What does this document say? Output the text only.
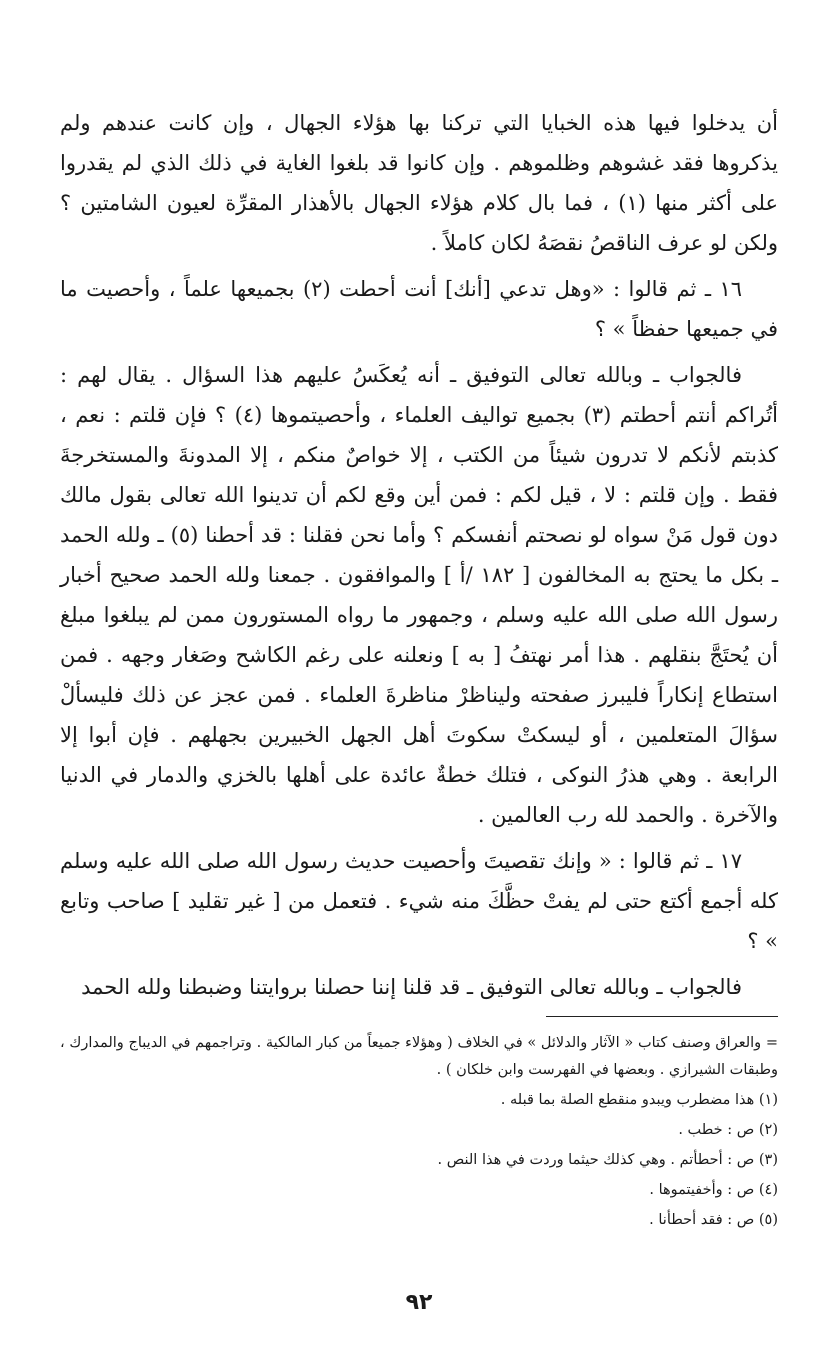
أن يدخلوا فيها هذه الخبايا التي تركنا بها هؤلاء الجهال ، وإن كانت عندهم ولم يذكروها فقد غشوهم وظلموهم . وإن كانوا قد بلغوا الغاية في ذلك الذي لم يقدروا على أكثر منها (١) ، فما بال كلام هؤلاء الجهال بالأهذار المقرِّة لعيون الشامتين ؟ ولكن لو عرف الناقصُ نقصَهُ لكان كاملاً .

١٦ ـ ثم قالوا : «وهل تدعي [أنك] أنت أحطت (٢) بجميعها علماً ، وأحصيت ما في جميعها حفظاً » ؟

فالجواب ـ وبالله تعالى التوفيق ـ أنه يُعكَسُ عليهم هذا السؤال . يقال لهم : أتُراكم أنتم أحطتم (٣) بجميع تواليف العلماء ، وأحصيتموها (٤) ؟ فإن قلتم : نعم ، كذبتم لأنكم لا تدرون شيئاً من الكتب ، إلا خواصٌ منكم ، إلا المدونةَ والمستخرجةَ فقط . وإن قلتم : لا ، قيل لكم : فمن أين وقع لكم أن تدينوا الله تعالى بقول مالك دون قول مَنْ سواه لو نصحتم أنفسكم ؟ وأما نحن فقلنا : قد أحطنا (٥) ـ ولله الحمد ـ بكل ما يحتج به المخالفون [ ١٨٢ /أ ] والموافقون . جمعنا ولله الحمد صحيح أخبار رسول الله صلى الله عليه وسلم ، وجمهور ما رواه المستورون ممن لم يبلغوا مبلغ أن يُحتَجَّ بنقلهم . هذا أمر نهتفُ [ به ] ونعلنه على رغم الكاشح وصَغار وجهه . فمن استطاع إنكاراً فليبرز صفحته وليناظرْ مناظرةَ العلماء . فمن عجز عن ذلك فليسألْ سؤالَ المتعلمين ، أو ليسكتْ سكوتَ أهل الجهل الخبيرين بجهلهم . فإن أبوا إلا الرابعة . وهي هذرُ النوكى ، فتلك خطةٌ عائدة على أهلها بالخزي والدمار في الدنيا والآخرة . والحمد لله رب العالمين .

١٧ ـ ثم قالوا : « وإنك تقصيتَ وأحصيت حديث رسول الله صلى الله عليه وسلم كله أجمع أكتع حتى لم يفتْ حظَّكَ منه شيء . فتعمل من [ غير تقليد ] صاحب وتابع » ؟

فالجواب ـ وبالله تعالى التوفيق ـ قد قلنا إننا حصلنا بروايتنا وضبطنا ولله الحمد

= والعراق وصنف كتاب « الآثار والدلائل » في الخلاف ( وهؤلاء جميعاً من كبار المالكية . وتراجمهم في الديباج والمدارك ، وطبقات الشيرازي . وبعضها في الفهرست وابن خلكان ) .

(١) هذا مضطرب ويبدو منقطع الصلة بما قبله .

(٢) ص : خطب .

(٣) ص : أحطأتم . وهي كذلك حيثما وردت في هذا النص .

(٤) ص : وأخفيتموها .

(٥) ص : فقد أحطأنا .

٩٢
